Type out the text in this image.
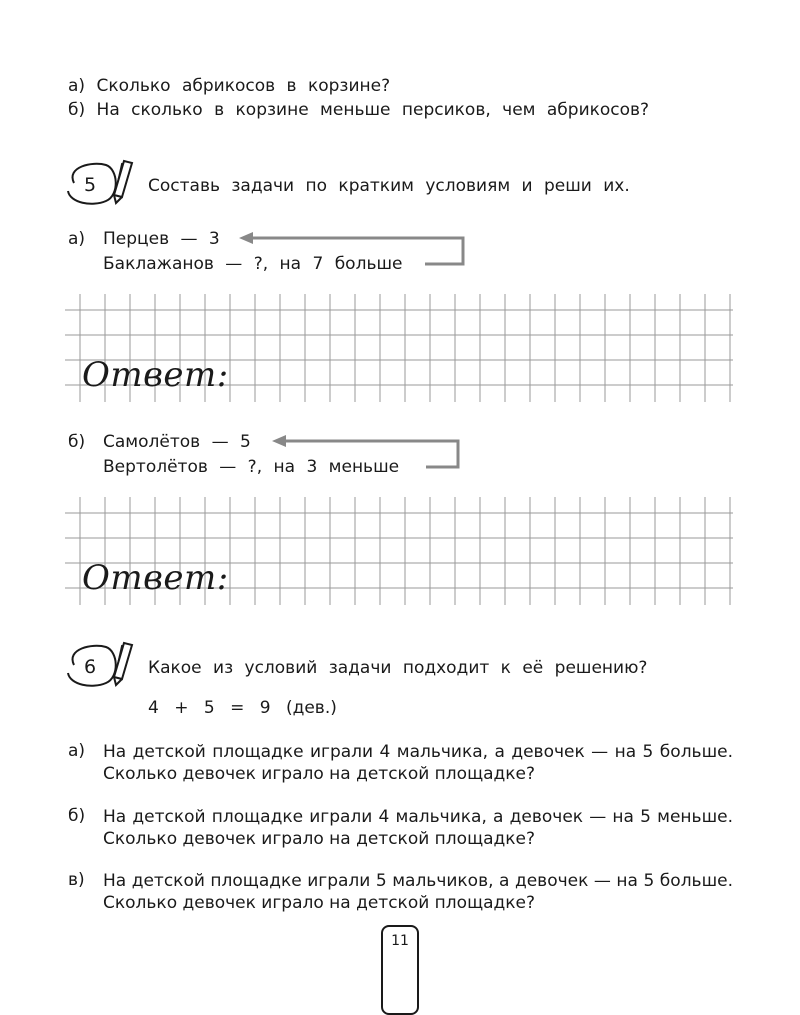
а) Сколько абрикосов в корзине?
б) На сколько в корзине меньше персиков, чем абрикосов?
5	Составь задачи по кратким условиям и реши их.
а) Перцев — 3
Баклажанов — ?, на 7 больше
Ответ:
б) Самолётов — 5
Вертолётов — ?, на 3 меньше
Ответ:
6	Какое из условий задачи подходит к её решению?
4 + 5 = 9 (дев.)
а) На детской площадке играли 4 мальчика, а девочек — на 5 больше. Сколько девочек играло на детской площадке?
б) На детской площадке играли 4 мальчика, а девочек — на 5 меньше. Сколько девочек играло на детской площадке?
в) На детской площадке играли 5 мальчиков, а девочек — на 5 больше. Сколько девочек играло на детской площадке?
11
